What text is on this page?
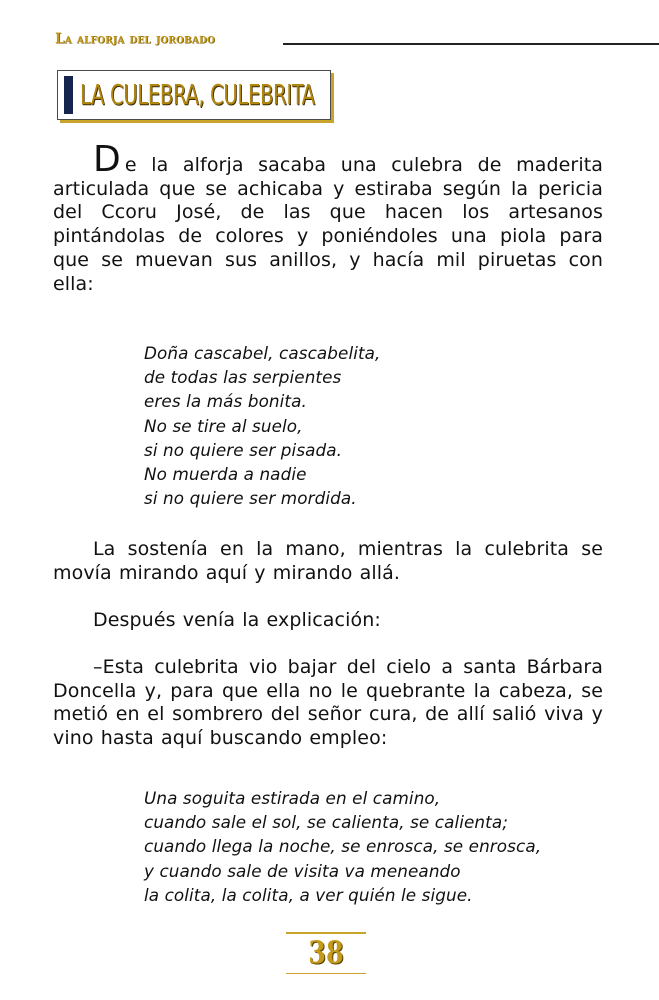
La alforja del jorobado
LA CULEBRA, CULEBRITA

De la alforja sacaba una culebra de maderita articulada que se achicaba y estiraba según la pericia del Ccoru José, de las que hacen los artesanos pintándolas de colores y poniéndoles una piola para que se muevan sus anillos, y hacía mil piruetas con ella:

Doña cascabel, cascabelita,
de todas las serpientes
eres la más bonita.
No se tire al suelo,
si no quiere ser pisada.
No muerda a nadie
si no quiere ser mordida.

La sostenía en la mano, mientras la culebrita se movía mirando aquí y mirando allá.

Después venía la explicación:

–Esta culebrita vio bajar del cielo a santa Bárbara Doncella y, para que ella no le quebrante la cabeza, se metió en el sombrero del señor cura, de allí salió viva y vino hasta aquí buscando empleo:

Una soguita estirada en el camino,
cuando sale el sol, se calienta, se calienta;
cuando llega la noche, se enrosca, se enrosca,
y cuando sale de visita va meneando
la colita, la colita, a ver quién le sigue.
38
